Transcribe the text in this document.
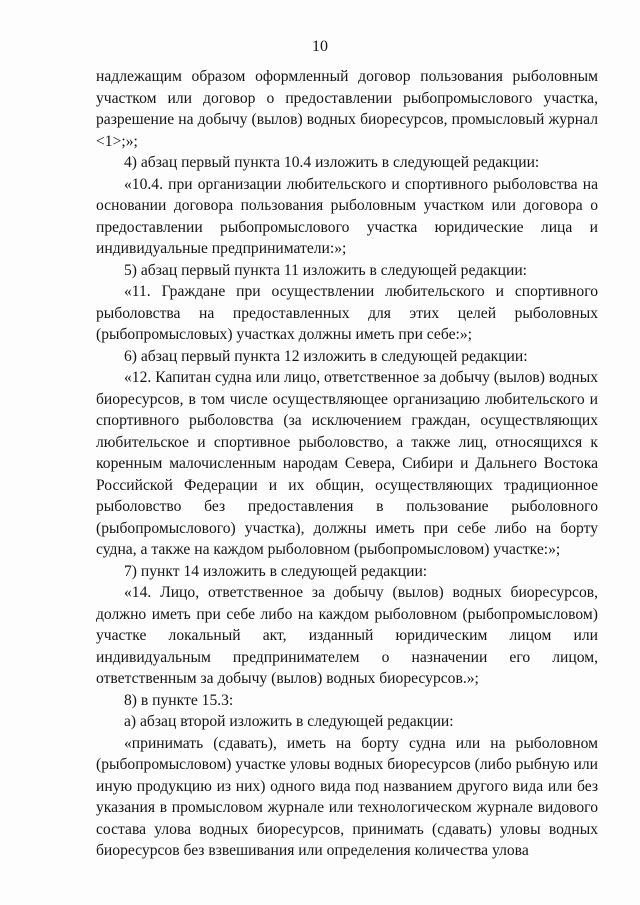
10

надлежащим образом оформленный договор пользования рыболовным участком или договор о предоставлении рыбопромыслового участка, разрешение на добычу (вылов) водных биоресурсов, промысловый журнал <1>;»;

4) абзац первый пункта 10.4 изложить в следующей редакции:

«10.4. при организации любительского и спортивного рыболовства на основании договора пользования рыболовным участком или договора о предоставлении рыбопромыслового участка юридические лица и индивидуальные предприниматели:»;

5) абзац первый пункта 11 изложить в следующей редакции:

«11. Граждане при осуществлении любительского и спортивного рыболовства на предоставленных для этих целей рыболовных (рыбопромысловых) участках должны иметь при себе:»;

6) абзац первый пункта 12 изложить в следующей редакции:

«12. Капитан судна или лицо, ответственное за добычу (вылов) водных биоресурсов, в том числе осуществляющее организацию любительского и спортивного рыболовства (за исключением граждан, осуществляющих любительское и спортивное рыболовство, а также лиц, относящихся к коренным малочисленным народам Севера, Сибири и Дальнего Востока Российской Федерации и их общин, осуществляющих традиционное рыболовство без предоставления в пользование рыболовного (рыбопромыслового) участка), должны иметь при себе либо на борту судна, а также на каждом рыболовном (рыбопромысловом) участке:»;

7) пункт 14 изложить в следующей редакции:

«14. Лицо, ответственное за добычу (вылов) водных биоресурсов, должно иметь при себе либо на каждом рыболовном (рыбопромысловом) участке локальный акт, изданный юридическим лицом или индивидуальным предпринимателем о назначении его лицом, ответственным за добычу (вылов) водных биоресурсов.»;

8) в пункте 15.3:

а) абзац второй изложить в следующей редакции:

«принимать (сдавать), иметь на борту судна или на рыболовном (рыбопромысловом) участке уловы водных биоресурсов (либо рыбную или иную продукцию из них) одного вида под названием другого вида или без указания в промысловом журнале или технологическом журнале видового состава улова водных биоресурсов, принимать (сдавать) уловы водных биоресурсов без взвешивания или определения количества улова
